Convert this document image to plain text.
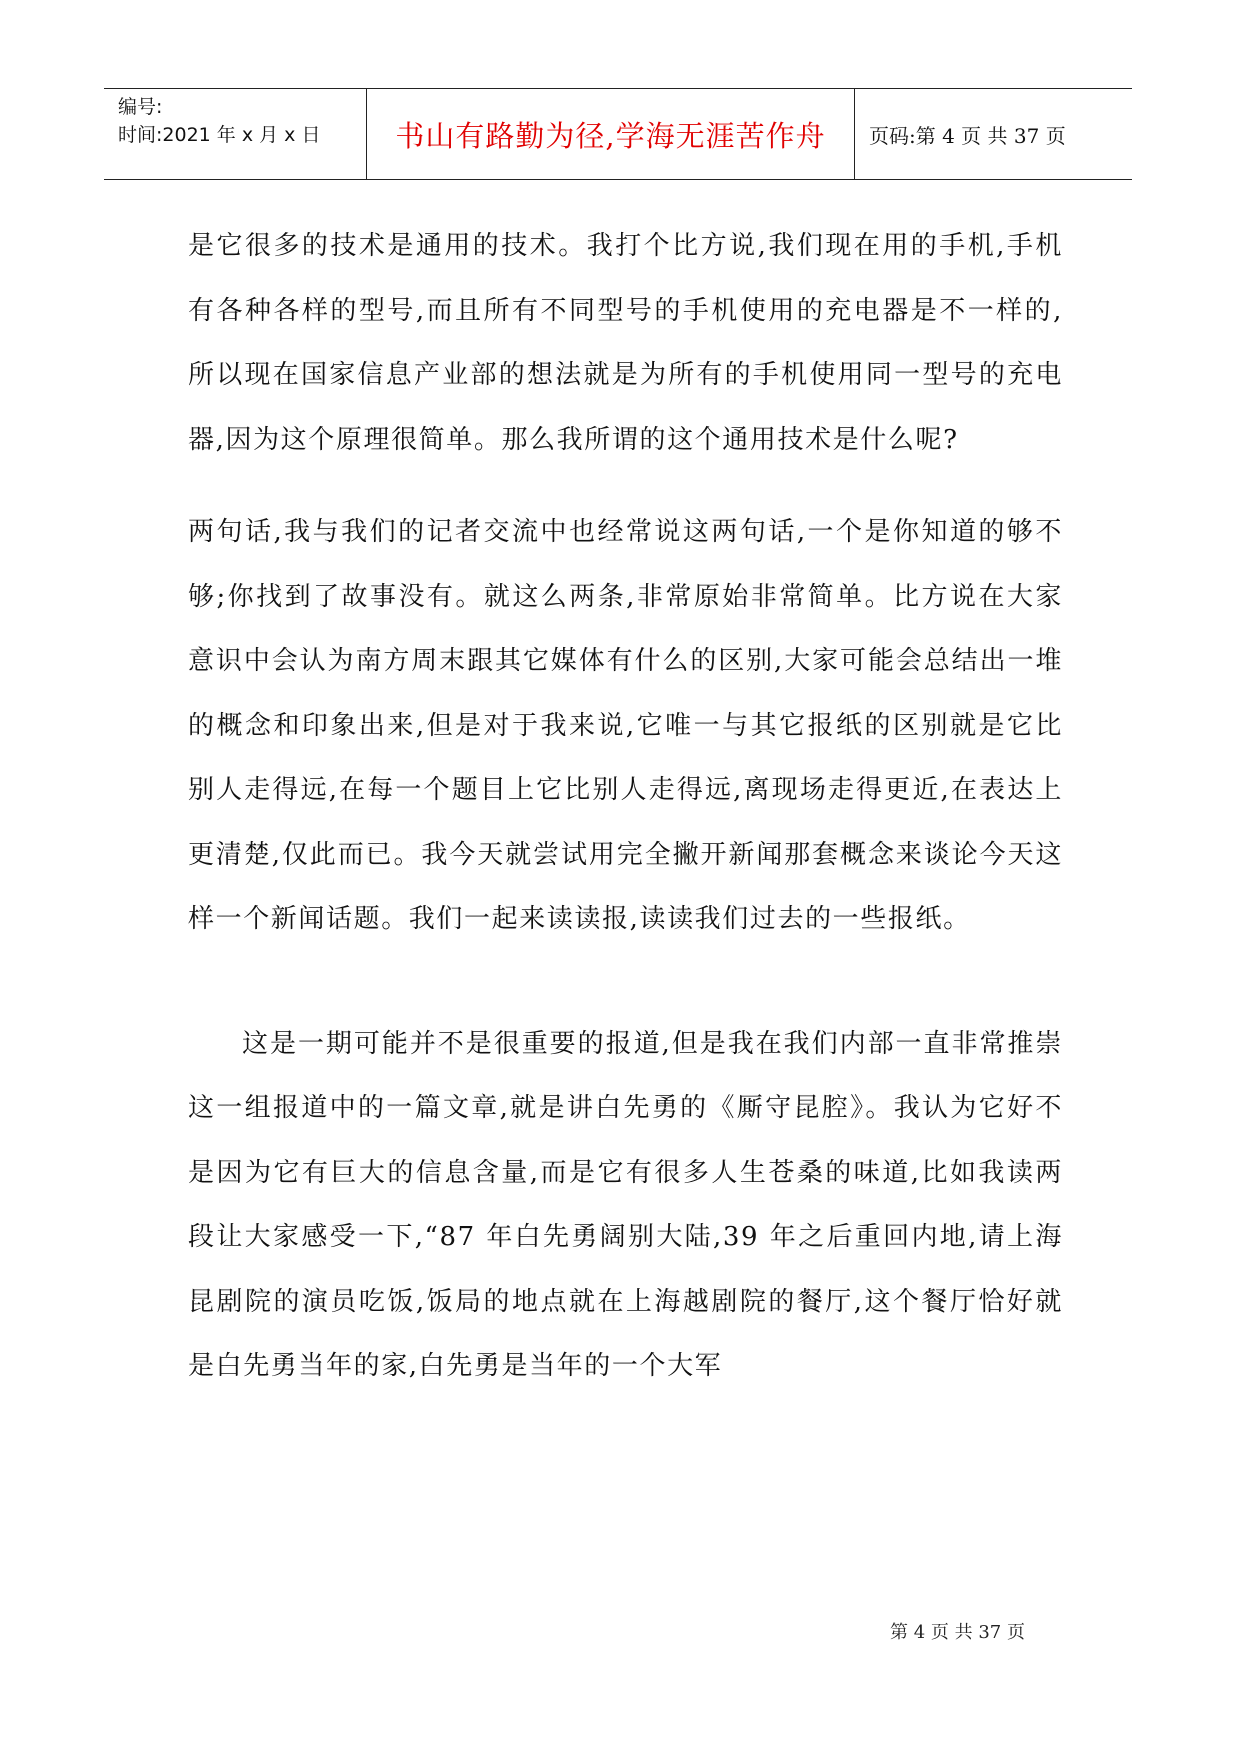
编号:
时间:2021 年 x 月 x 日	书山有路勤为径,学海无涯苦作舟 页码:第 4 页 共 37 页

是它很多的技术是通用的技术。我打个比方说,我们现在用的手机,手机有各种各样的型号,而且所有不同型号的手机使用的充电器是不一样的,所以现在国家信息产业部的想法就是为所有的手机使用同一型号的充电器,因为这个原理很简单。那么我所谓的这个通用技术是什么呢?

两句话,我与我们的记者交流中也经常说这两句话,一个是你知道的够不够;你找到了故事没有。就这么两条,非常原始非常简单。比方说在大家意识中会认为南方周末跟其它媒体有什么的区别,大家可能会总结出一堆的概念和印象出来,但是对于我来说,它唯一与其它报纸的区别就是它比别人走得远,在每一个题目上它比别人走得远,离现场走得更近,在表达上更清楚,仅此而已。我今天就尝试用完全撇开新闻那套概念来谈论今天这样一个新闻话题。我们一起来读读报,读读我们过去的一些报纸。

这是一期可能并不是很重要的报道,但是我在我们内部一直非常推崇这一组报道中的一篇文章,就是讲白先勇的《厮守昆腔》。我认为它好不是因为它有巨大的信息含量,而是它有很多人生苍桑的味道,比如我读两段让大家感受一下,“87 年白先勇阔别大陆,39 年之后重回内地,请上海昆剧院的演员吃饭,饭局的地点就在上海越剧院的餐厅,这个餐厅恰好就是白先勇当年的家,白先勇是当年的一个大军

第 4 页 共 37 页
